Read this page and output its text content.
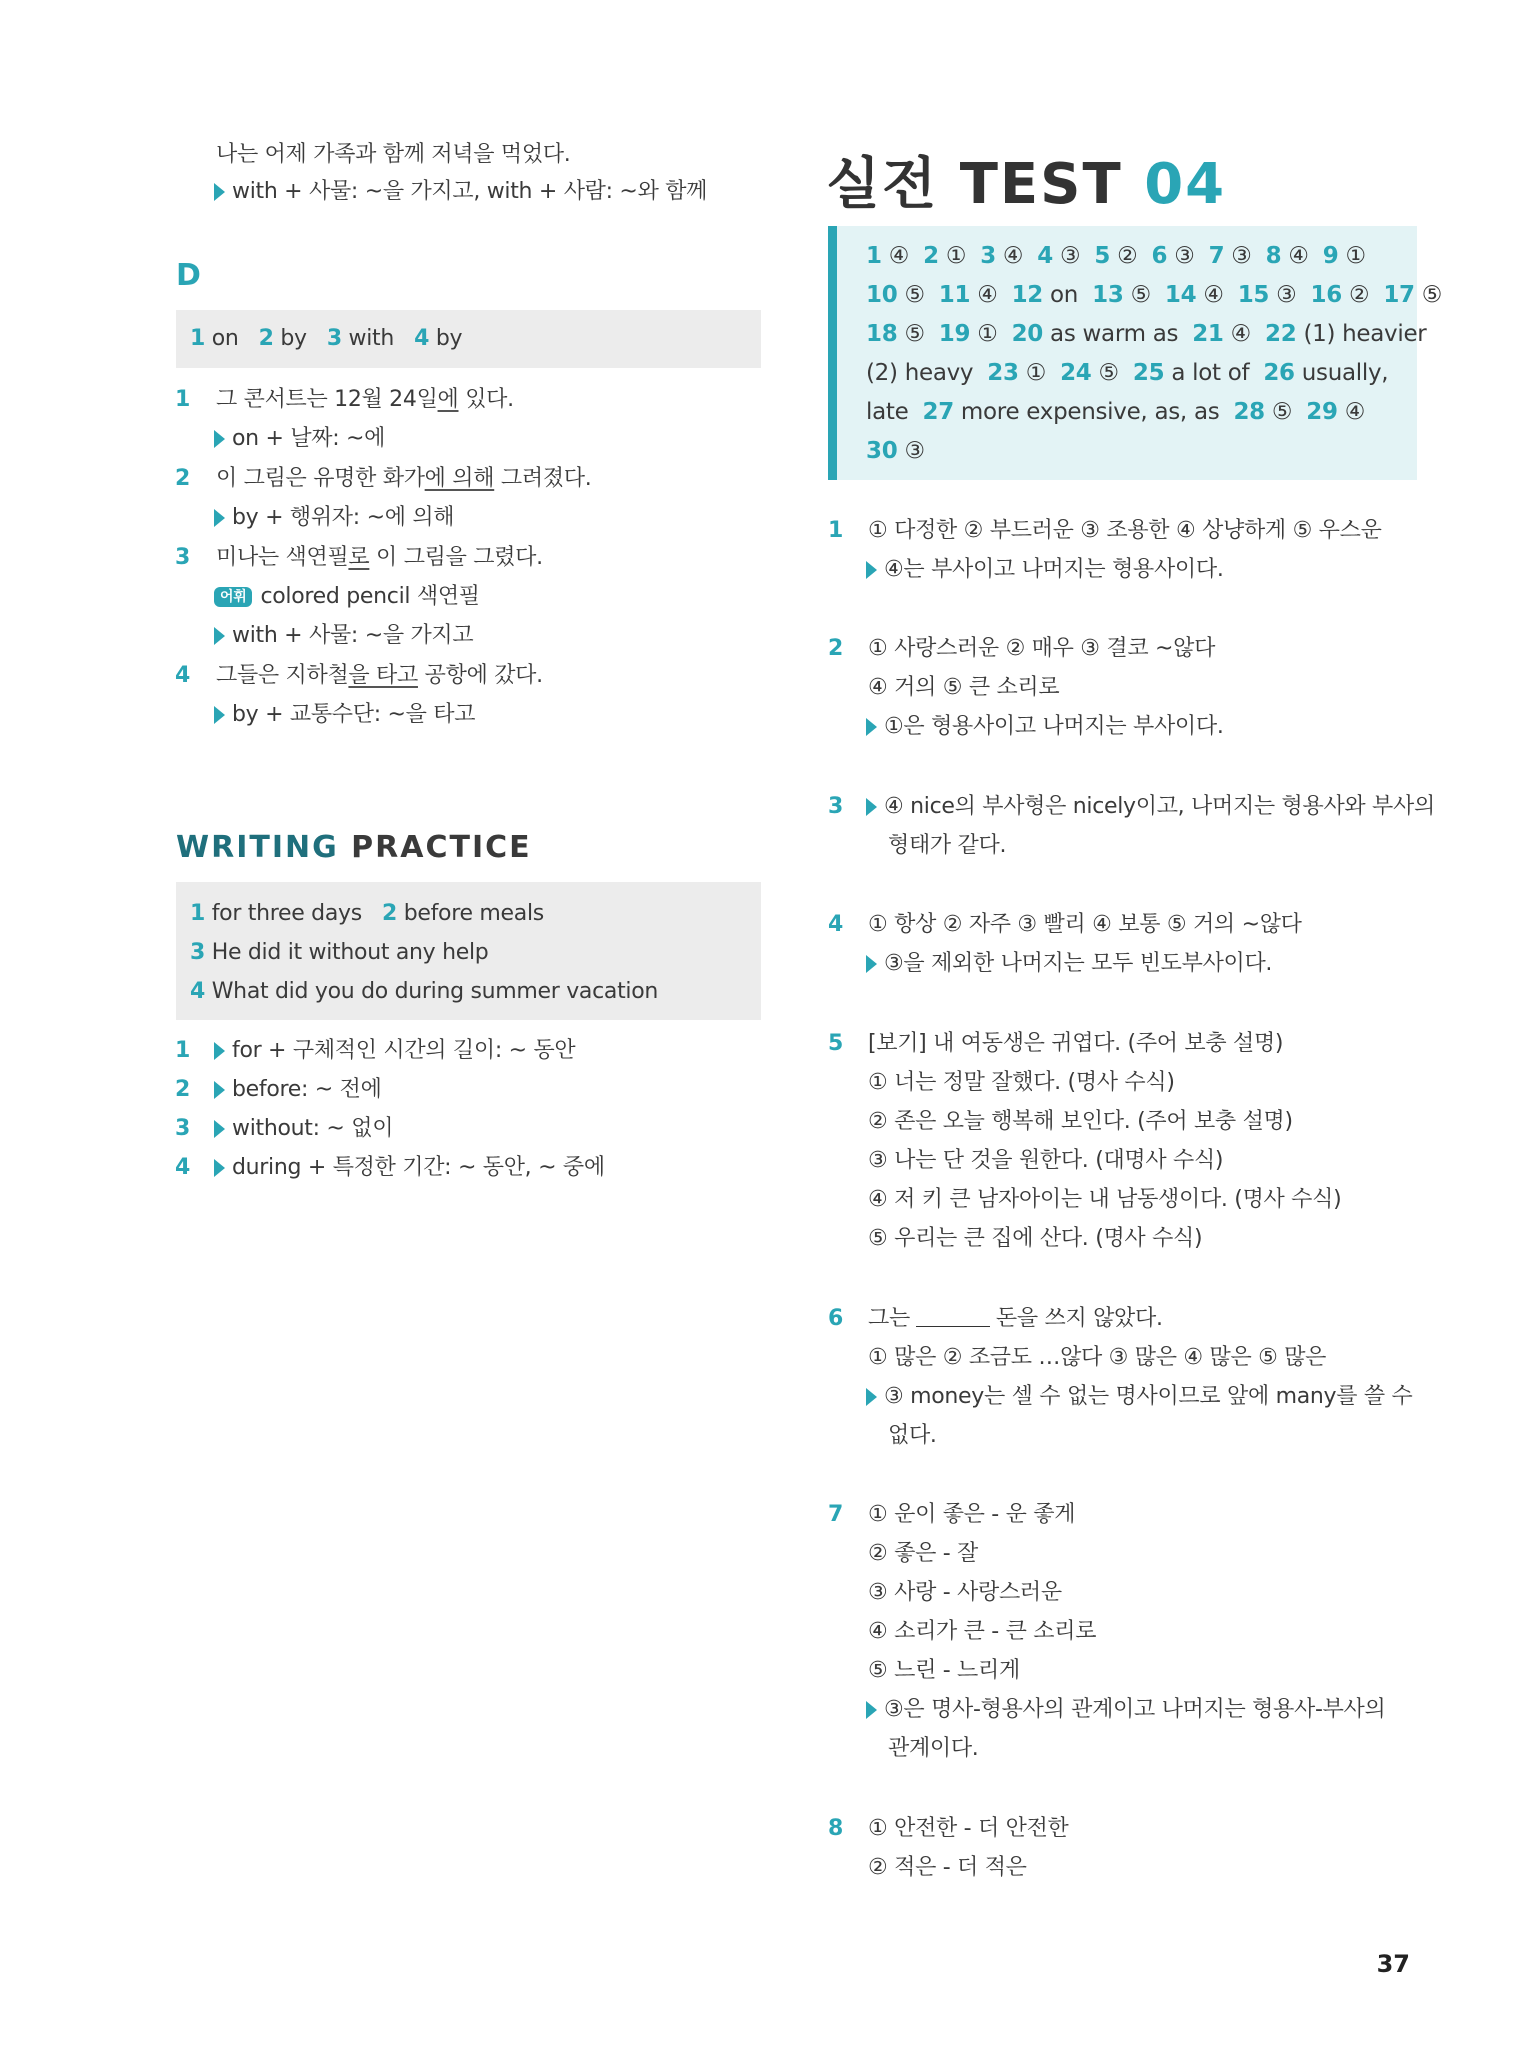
나는 어제 가족과 함께 저녁을 먹었다.
with + 사물: ~을 가지고, with + 사람: ~와 함께
D
1 on 2 by 3 with 4 by
1 그 콘서트는 12월 24일에 있다.
on + 날짜: ~에
2 이 그림은 유명한 화가에 의해 그려졌다.
by + 행위자: ~에 의해
3 미나는 색연필로 이 그림을 그렸다.
어휘 colored pencil 색연필
with + 사물: ~을 가지고
4 그들은 지하철을 타고 공항에 갔다.
by + 교통수단: ~을 타고
WRITING PRACTICE
1 for three days 2 before meals
3 He did it without any help
4 What did you do during summer vacation
1	for + 구체적인 시간의 길이: ~ 동안
2	before: ~ 전에
3	without: ~ 없이
4	during + 특정한 기간: ~ 동안, ~ 중에
실전 TEST 04
1 ④ 2 ① 3 ④ 4 ③ 5 ② 6 ③ 7 ③ 8 ④ 9 ①
10 ⑤ 11 ④ 12 on 13 ⑤ 14 ④ 15 ③ 16 ② 17 ⑤
18 ⑤ 19 ① 20 as warm as 21 ④ 22 (1) heavier
(2) heavy 23 ① 24 ⑤ 25 a lot of 26 usually,
late 27 more expensive, as, as 28 ⑤ 29 ④
30 ③
1 ① 다정한 ② 부드러운 ③ 조용한 ④ 상냥하게 ⑤ 우스운
④는 부사이고 나머지는 형용사이다.
2 ① 사랑스러운 ② 매우 ③ 결코 ~않다
④ 거의 ⑤ 큰 소리로
①은 형용사이고 나머지는 부사이다.
3	④ nice의 부사형은 nicely이고, 나머지는 형용사와 부사의
형태가 같다.
4 ① 항상 ② 자주 ③ 빨리 ④ 보통 ⑤ 거의 ~않다
③을 제외한 나머지는 모두 빈도부사이다.
5 [보기] 내 여동생은 귀엽다. (주어 보충 설명)
① 너는 정말 잘했다. (명사 수식)
② 존은 오늘 행복해 보인다. (주어 보충 설명)
③ 나는 단 것을 원한다. (대명사 수식)
④ 저 키 큰 남자아이는 내 남동생이다. (명사 수식)
⑤ 우리는 큰 집에 산다. (명사 수식)
6 그는	돈을 쓰지 않았다.
① 많은 ② 조금도 …않다 ③ 많은 ④ 많은 ⑤ 많은
③ money는 셀 수 없는 명사이므로 앞에 many를 쓸 수
없다.
7 ① 운이 좋은 - 운 좋게
② 좋은 - 잘
③ 사랑 - 사랑스러운
④ 소리가 큰 - 큰 소리로
⑤ 느린 - 느리게
③은 명사-형용사의 관계이고 나머지는 형용사-부사의
관계이다.
8 ① 안전한 - 더 안전한
② 적은 - 더 적은
37
